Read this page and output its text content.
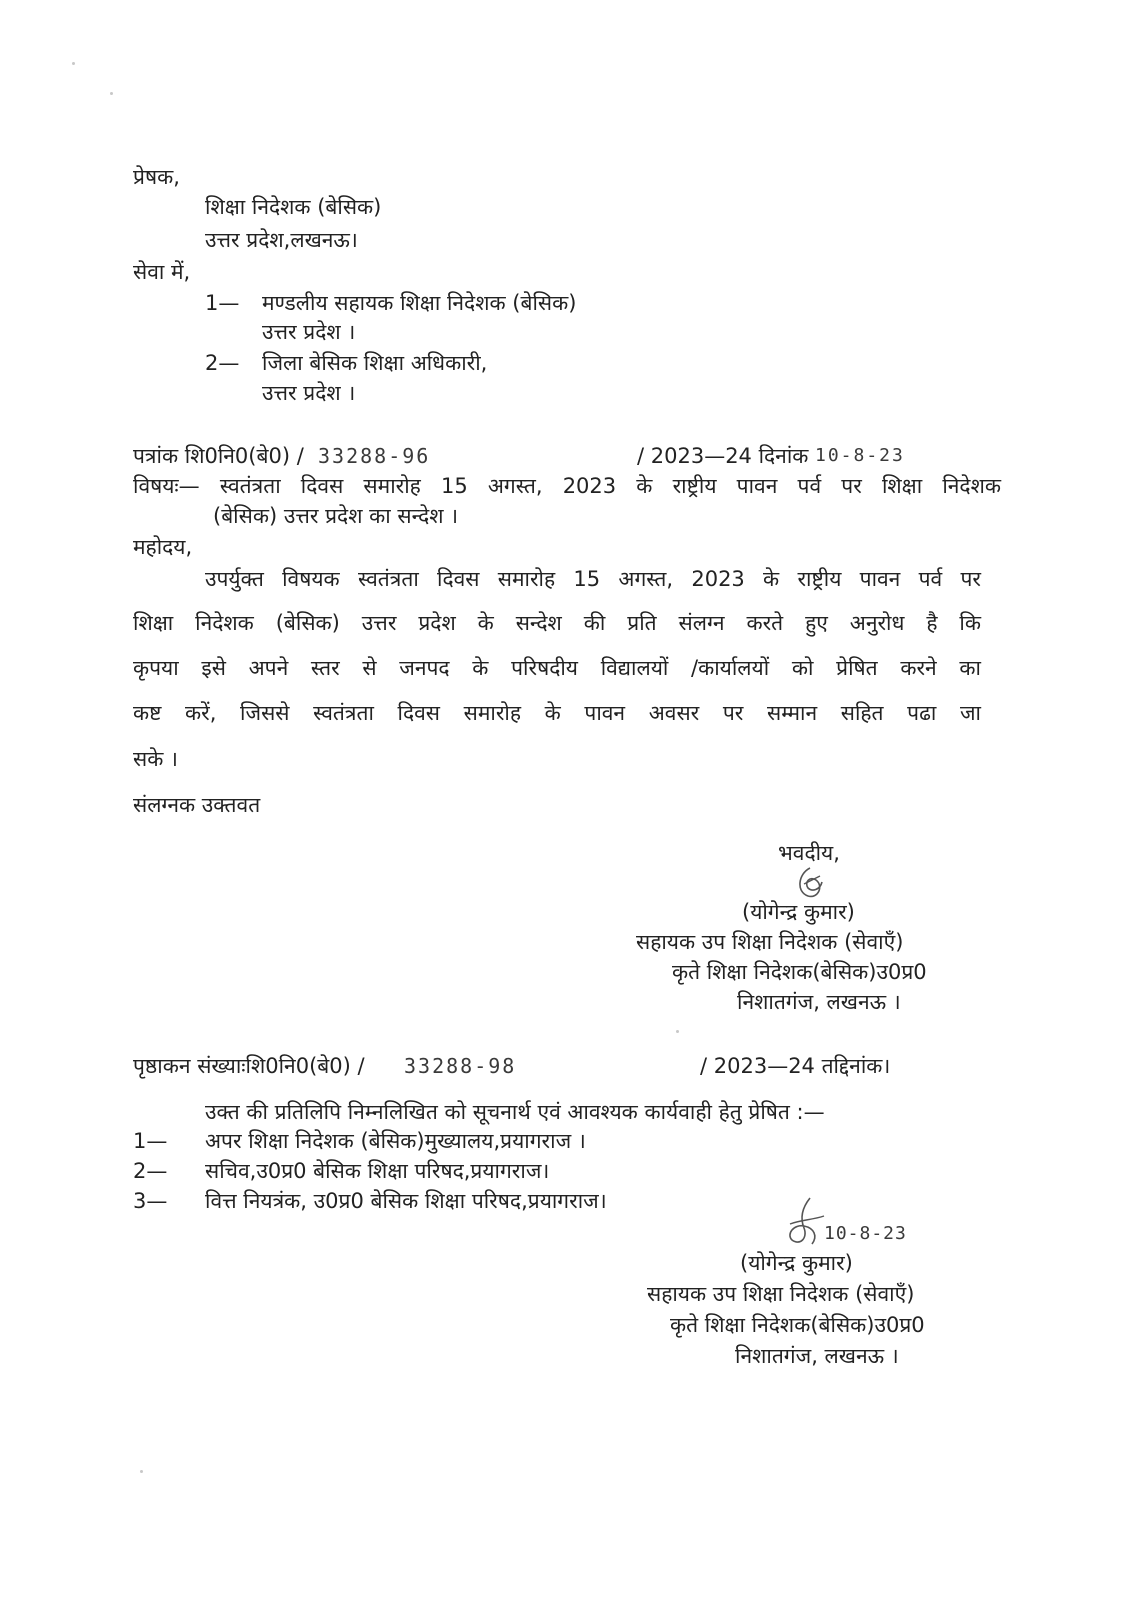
प्रेषक,
शिक्षा निदेशक (बेसिक)
उत्तर प्रदेश,लखनऊ।
सेवा में,
1— मण्डलीय सहायक शिक्षा निदेशक (बेसिक)
उत्तर प्रदेश ।
2— जिला बेसिक शिक्षा अधिकारी,
उत्तर प्रदेश ।
पत्रांक शि0नि0(बे0) / 33288-96	/ 2023—24 दिनांक 10-8-23
विषयः— स्वतंत्रता दिवस समारोह 15 अगस्त, 2023 के राष्ट्रीय पावन पर्व पर शिक्षा निदेशक
(बेसिक) उत्तर प्रदेश का सन्देश ।
महोदय,
उपर्युक्त विषयक स्वतंत्रता दिवस समारोह 15 अगस्त, 2023 के राष्ट्रीय पावन पर्व पर
शिक्षा निदेशक (बेसिक) उत्तर प्रदेश के सन्देश की प्रति संलग्न करते हुए अनुरोध है कि
कृपया इसे अपने स्तर से जनपद के परिषदीय विद्यालयों /कार्यालयों को प्रेषित करने का
कष्ट करें, जिससे स्वतंत्रता दिवस समारोह के पावन अवसर पर सम्मान सहित पढा जा
सके ।
संलग्नक उक्तवत
भवदीय,
(योगेन्द्र कुमार)
सहायक उप शिक्षा निदेशक (सेवाएँ)
कृते शिक्षा निदेशक(बेसिक)उ0प्र0
निशातगंज, लखनऊ ।
पृष्ठाकन संख्याःशि0नि0(बे0) / 33288-98	/ 2023—24 तद्दिनांक।
उक्त की प्रतिलिपि निम्नलिखित को सूचनार्थ एवं आवश्यक कार्यवाही हेतु प्रेषित :—
1— अपर शिक्षा निदेशक (बेसिक)मुख्यालय,प्रयागराज ।
2— सचिव,उ0प्र0 बेसिक शिक्षा परिषद,प्रयागराज।
3— वित्त नियत्रंक, उ0प्र0 बेसिक शिक्षा परिषद,प्रयागराज।
10-8-23
(योगेन्द्र कुमार)
सहायक उप शिक्षा निदेशक (सेवाएँ)
कृते शिक्षा निदेशक(बेसिक)उ0प्र0
निशातगंज, लखनऊ ।
